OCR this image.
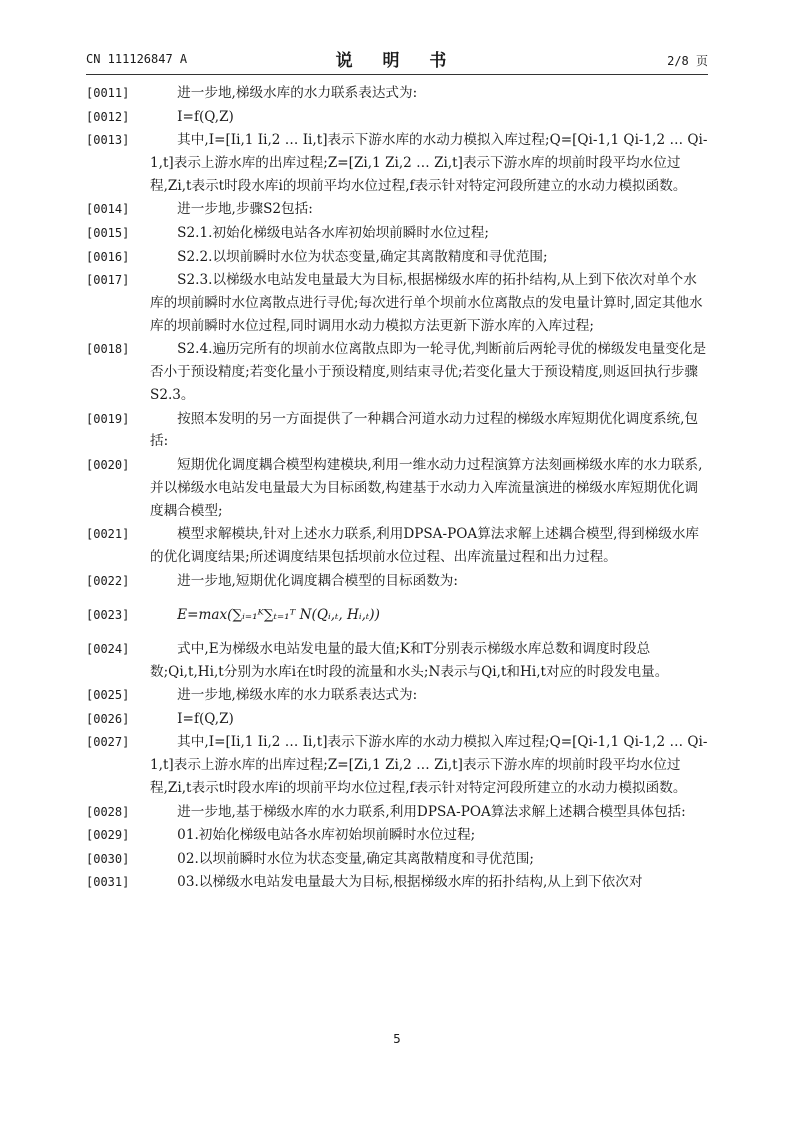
CN 111126847 A	说 明 书	2/8 页
[0011] 　　进一步地,梯级水库的水力联系表达式为:
[0012] 　　I=f(Q,Z)
[0013] 　　其中,I=[Ii,1 Ii,2 … Ii,t]表示下游水库的水动力模拟入库过程;Q=[Qi-1,1 Qi-1,2 … Qi-1,t]表示上游水库的出库过程;Z=[Zi,1 Zi,2 … Zi,t]表示下游水库的坝前时段平均水位过程,Zi,t表示t时段水库i的坝前平均水位过程,f表示针对特定河段所建立的水动力模拟函数。
[0014] 　　进一步地,步骤S2包括:
[0015] 　　S2.1.初始化梯级电站各水库初始坝前瞬时水位过程;
[0016] 　　S2.2.以坝前瞬时水位为状态变量,确定其离散精度和寻优范围;
[0017] 　　S2.3.以梯级水电站发电量最大为目标,根据梯级水库的拓扑结构,从上到下依次对单个水库的坝前瞬时水位离散点进行寻优;每次进行单个坝前水位离散点的发电量计算时,固定其他水库的坝前瞬时水位过程,同时调用水动力模拟方法更新下游水库的入库过程;
[0018] 　　S2.4.遍历完所有的坝前水位离散点即为一轮寻优,判断前后两轮寻优的梯级发电量变化是否小于预设精度;若变化量小于预设精度,则结束寻优;若变化量大于预设精度,则返回执行步骤S2.3。
[0019] 　　按照本发明的另一方面提供了一种耦合河道水动力过程的梯级水库短期优化调度系统,包括:
[0020] 　　短期优化调度耦合模型构建模块,利用一维水动力过程演算方法刻画梯级水库的水力联系,并以梯级水电站发电量最大为目标函数,构建基于水动力入库流量演进的梯级水库短期优化调度耦合模型;
[0021] 　　模型求解模块,针对上述水力联系,利用DPSA-POA算法求解上述耦合模型,得到梯级水库的优化调度结果;所述调度结果包括坝前水位过程、出库流量过程和出力过程。
[0022] 　　进一步地,短期优化调度耦合模型的目标函数为:
[0023] 　　E=max(∑ᵢ₌₁ᴷ∑ₜ₌₁ᵀ N(Qᵢ,ₜ, Hᵢ,ₜ))
[0024] 　　式中,E为梯级水电站发电量的最大值;K和T分别表示梯级水库总数和调度时段总数;Qi,t,Hi,t分别为水库i在t时段的流量和水头;N表示与Qi,t和Hi,t对应的时段发电量。
[0025] 　　进一步地,梯级水库的水力联系表达式为:
[0026] 　　I=f(Q,Z)
[0027] 　　其中,I=[Ii,1 Ii,2 … Ii,t]表示下游水库的水动力模拟入库过程;Q=[Qi-1,1 Qi-1,2 … Qi-1,t]表示上游水库的出库过程;Z=[Zi,1 Zi,2 … Zi,t]表示下游水库的坝前时段平均水位过程,Zi,t表示t时段水库i的坝前平均水位过程,f表示针对特定河段所建立的水动力模拟函数。
[0028] 　　进一步地,基于梯级水库的水力联系,利用DPSA-POA算法求解上述耦合模型具体包括:
[0029] 　　01.初始化梯级电站各水库初始坝前瞬时水位过程;
[0030] 　　02.以坝前瞬时水位为状态变量,确定其离散精度和寻优范围;
[0031] 　　03.以梯级水电站发电量最大为目标,根据梯级水库的拓扑结构,从上到下依次对
5
